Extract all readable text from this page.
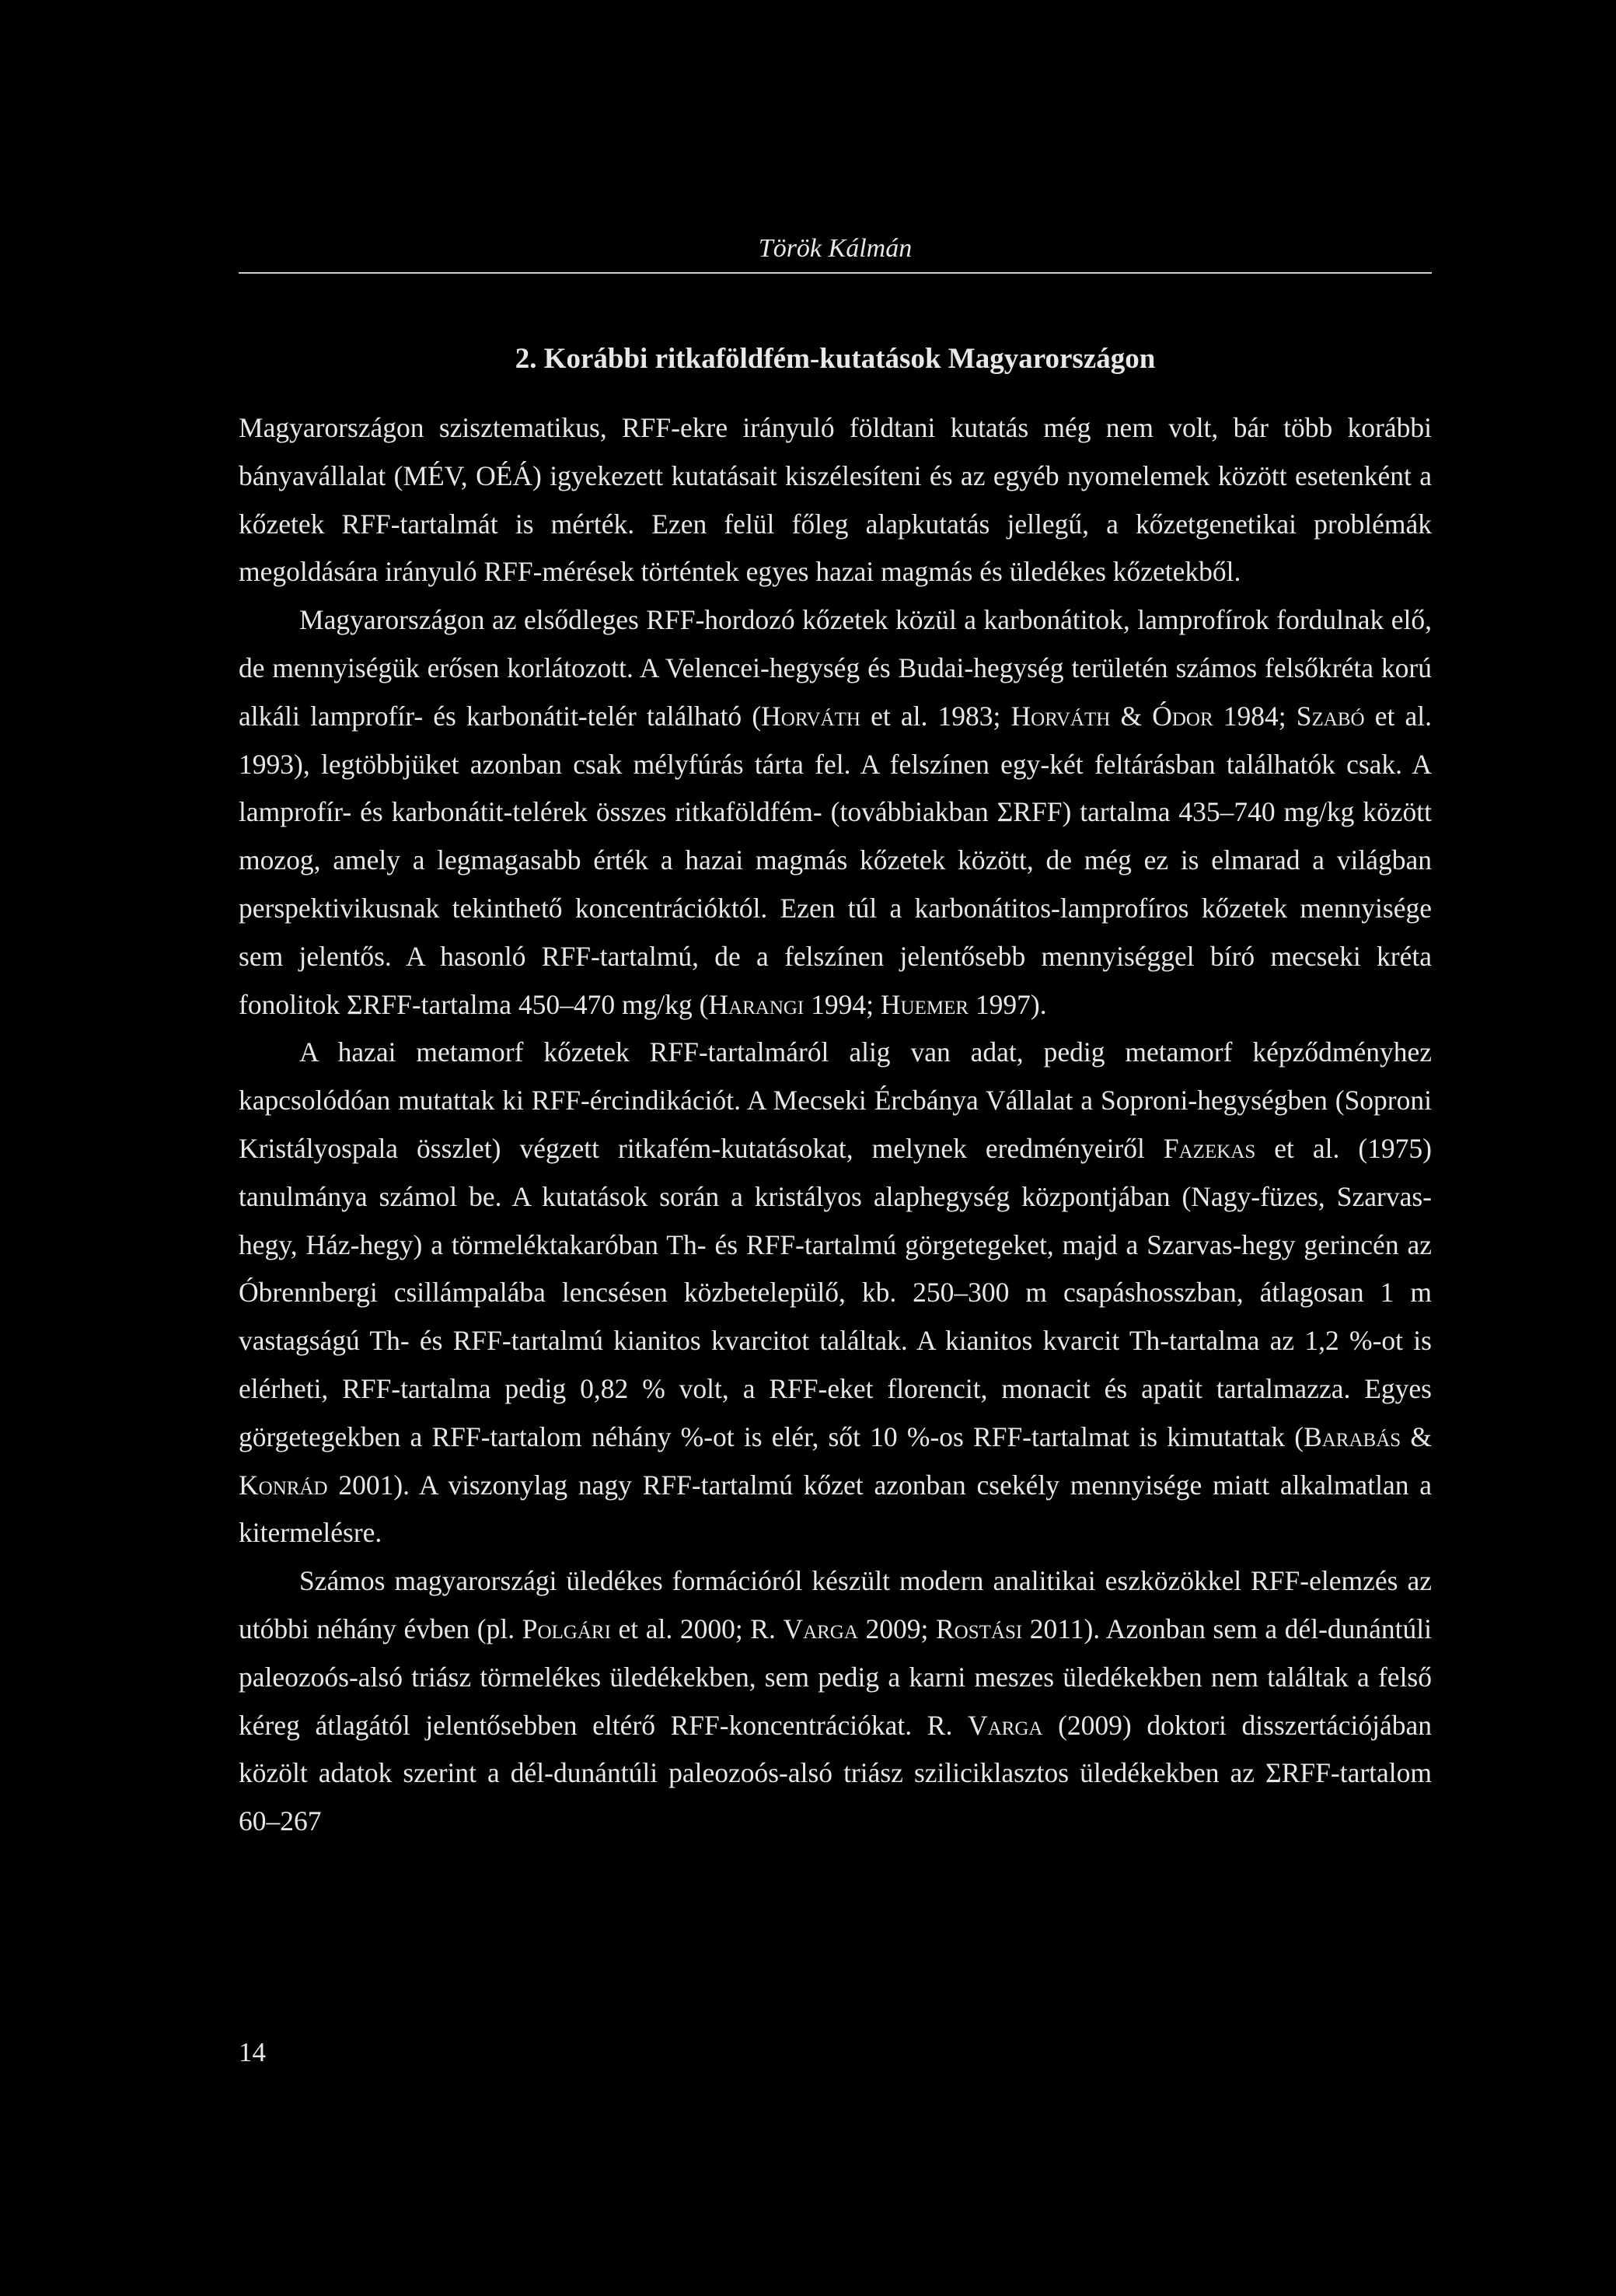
Török Kálmán
2. Korábbi ritkaföldfém-kutatások Magyarországon

Magyarországon szisztematikus, RFF-ekre irányuló földtani kutatás még nem volt, bár több korábbi bányavállalat (MÉV, OÉÁ) igyekezett kutatásait kiszélesíteni és az egyéb nyomelemek között esetenként a kőzetek RFF-tartalmát is mérték. Ezen felül főleg alapkutatás jellegű, a kőzetgenetikai problémák megoldására irányuló RFF-mérések történtek egyes hazai magmás és üledékes kőzetekből.

Magyarországon az elsődleges RFF-hordozó kőzetek közül a karbonátitok, lamprofírok fordulnak elő, de mennyiségük erősen korlátozott. A Velencei-hegység és Budai-hegység területén számos felsőkréta korú alkáli lamprofír- és karbonátit-telér található (Horváth et al. 1983; Horváth & Ódor 1984; Szabó et al. 1993), legtöbbjüket azonban csak mélyfúrás tárta fel. A felszínen egy-két feltárásban találhatók csak. A lamprofír- és karbonátit-telérek összes ritkaföldfém- (továbbiakban ΣRFF) tartalma 435–740 mg/kg között mozog, amely a legmagasabb érték a hazai magmás kőzetek között, de még ez is elmarad a világban perspektivikusnak tekinthető koncentrációktól. Ezen túl a karbonátitos-lamprofíros kőzetek mennyisége sem jelentős. A hasonló RFF-tartalmú, de a felszínen jelentősebb mennyiséggel bíró mecseki kréta fonolitok ΣRFF-tartalma 450–470 mg/kg (Harangi 1994; Huemer 1997).

A hazai metamorf kőzetek RFF-tartalmáról alig van adat, pedig metamorf képződményhez kapcsolódóan mutattak ki RFF-ércindikációt. A Mecseki Ércbánya Vállalat a Soproni-hegységben (Soproni Kristályospala összlet) végzett ritkafém-kutatásokat, melynek eredményeiről Fazekas et al. (1975) tanulmánya számol be. A kutatások során a kristályos alaphegység központjában (Nagy-füzes, Szarvas-hegy, Ház-hegy) a törmeléktakaróban Th- és RFF-tartalmú görgetegeket, majd a Szarvas-hegy gerincén az Óbrennbergi csillámpalába lencsésen közbetelepülő, kb. 250–300 m csapáshosszban, átlagosan 1 m vastagságú Th- és RFF-tartalmú kianitos kvarcitot találtak. A kianitos kvarcit Th-tartalma az 1,2 %-ot is elérheti, RFF-tartalma pedig 0,82 % volt, a RFF-eket florencit, monacit és apatit tartalmazza. Egyes görgetegekben a RFF-tartalom néhány %-ot is elér, sőt 10 %-os RFF-tartalmat is kimutattak (Barabás & Konrád 2001). A viszonylag nagy RFF-tartalmú kőzet azonban csekély mennyisége miatt alkalmatlan a kitermelésre.

Számos magyarországi üledékes formációról készült modern analitikai eszközökkel RFF-elemzés az utóbbi néhány évben (pl. Polgári et al. 2000; R. Varga 2009; Rostási 2011). Azonban sem a dél-dunántúli paleozoós-alsó triász törmelékes üledékekben, sem pedig a karni meszes üledékekben nem találtak a felső kéreg átlagától jelentősebben eltérő RFF-koncentrációkat. R. Varga (2009) doktori disszertációjában közölt adatok szerint a dél-dunántúli paleozoós-alsó triász sziliciklasztos üledékekben az ΣRFF-tartalom 60–267

14
